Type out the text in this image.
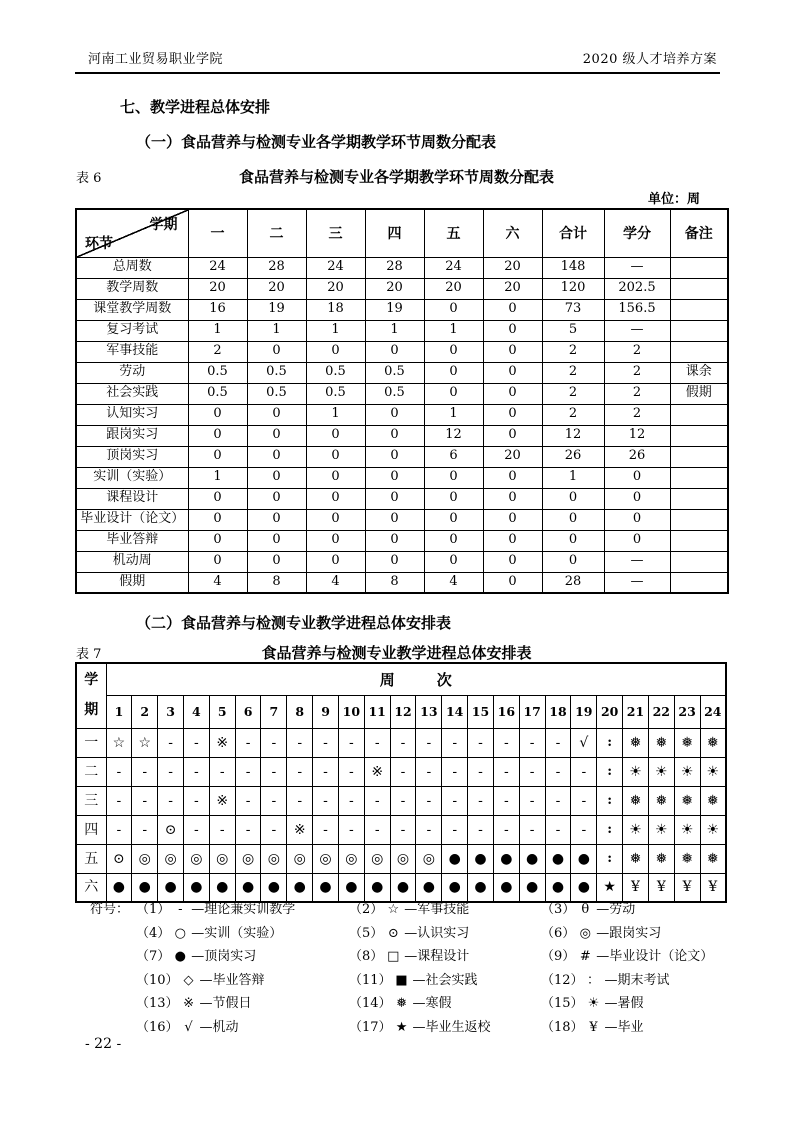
河南工业贸易职业学院	2020 级人才培养方案
七、教学进程总体安排
（一）食品营养与检测专业各学期教学环节周数分配表
表 6	食品营养与检测专业各学期教学环节周数分配表
单位：周
学期
环节	一	二	三	四	五	六	合计	学分	备注
总周数	24	28	24	28	24	20	148	—	
教学周数	20	20	20	20	20	20	120	202.5	
课堂教学周数	16	19	18	19	0	0	73	156.5	
复习考试	1	1	1	1	1	0	5	—	
军事技能	2	0	0	0	0	0	2	2	
劳动	0.5	0.5	0.5	0.5	0	0	2	2	课余
社会实践	0.5	0.5	0.5	0.5	0	0	2	2	假期
认知实习	0	0	1	0	1	0	2	2	
跟岗实习	0	0	0	0	12	0	12	12	
顶岗实习	0	0	0	0	6	20	26	26	
实训（实验）	1	0	0	0	0	0	1	0	
课程设计	0	0	0	0	0	0	0	0	
毕业设计（论文）	0	0	0	0	0	0	0	0	
毕业答辩	0	0	0	0	0	0	0	0	
机动周	0	0	0	0	0	0	0	—	
假期	4	8	4	8	4	0	28	—	
（二）食品营养与检测专业教学进程总体安排表
表 7	食品营养与检测专业教学进程总体安排表
学期	周次																							
	1	2	3	4	5	6	7	8	9	10	11	12	13	14	15	16	17	18	19	20	21	22	23	24
一	☆	☆	-	-	※	-	-	-	-	-	-	-	-	-	-	-	-	-	√	:	❅	❅	❅	❅
二	-	-	-	-	-	-	-	-	-	-	※	-	-	-	-	-	-	-	-	:	☀	☀	☀	☀
三	-	-	-	-	※	-	-	-	-	-	-	-	-	-	-	-	-	-	-	:	❅	❅	❅	❅
四	-	-	⊙	-	-	-	-	※	-	-	-	-	-	-	-	-	-	-	-	:	☀	☀	☀	☀
五	⊙	◎	◎	◎	◎	◎	◎	◎	◎	◎	◎	◎	◎	●	●	●	●	●	●	:	❅	❅	❅	❅
六	●	●	●	●	●	●	●	●	●	●	●	●	●	●	●	●	●	●	●	★	¥	¥	¥	¥
符号： （1） - —理论兼实训教学	（2） ☆ —军事技能	（3） θ —劳动
（4） ○ —实训（实验）	（5） ⊙ —认识实习	（6） ◎ —跟岗实习
（7） ● —顶岗实习	（8） □ —课程设计	（9） # —毕业设计（论文）
（10） ◇ —毕业答辩	（11） ■ —社会实践	（12） ： —期末考试
（13） ※ —节假日	（14） ❅ —寒假	（15） ☀ —暑假
（16） √ —机动	（17） ★ —毕业生返校	（18） ¥ —毕业
- 22 -
